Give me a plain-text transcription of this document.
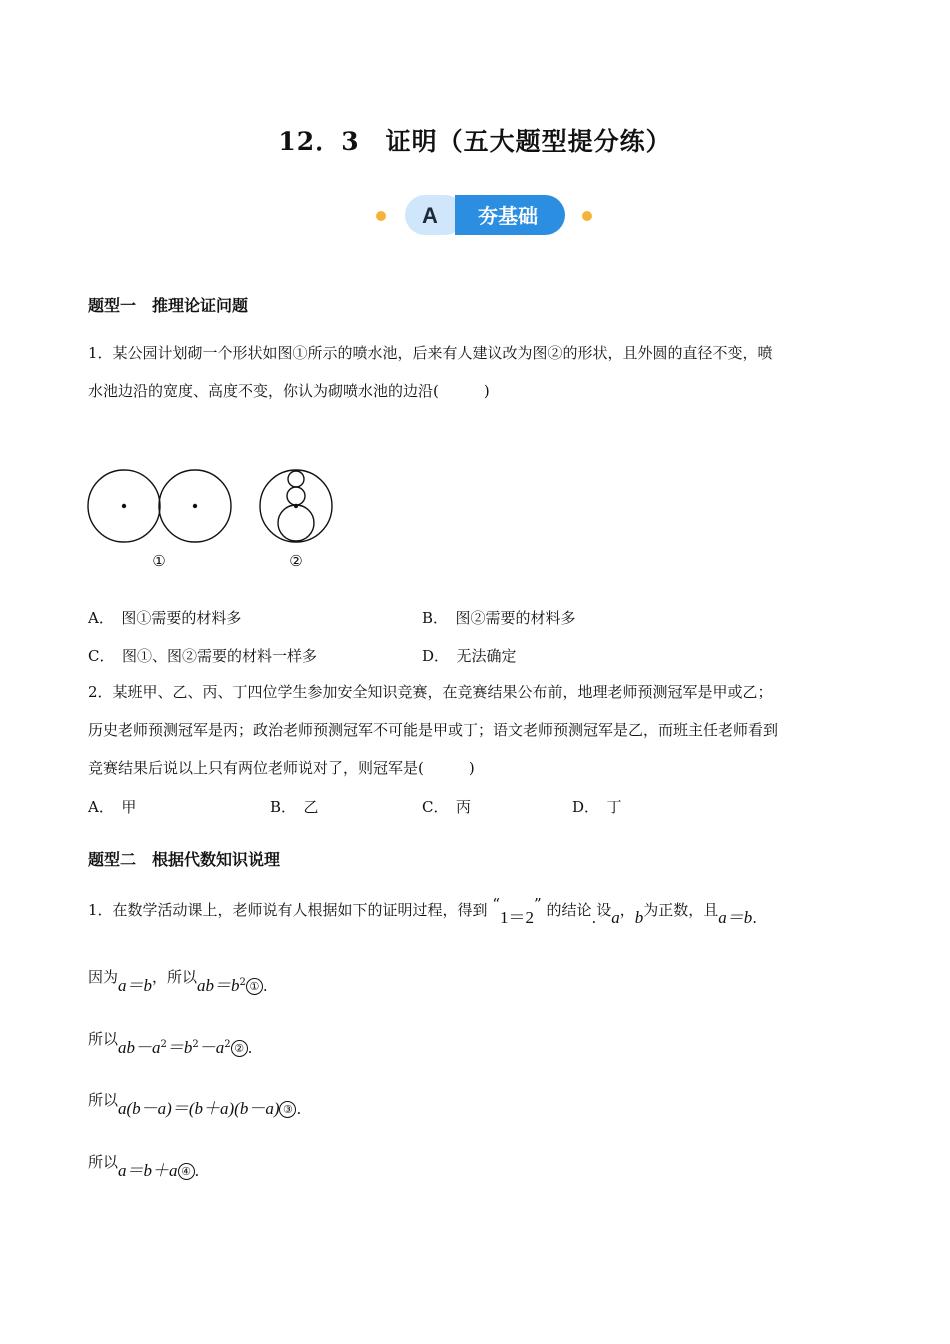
12．3　证明（五大题型提分练）
A 夯基础
题型一　推理论证问题
1．某公园计划砌一个形状如图①所示的喷水池，后来有人建议改为图②的形状，且外圆的直径不变，喷
水池边沿的宽度、高度不变，你认为砌喷水池的边沿(　　　)
①	②
A．　图①需要的材料多	B．　图②需要的材料多
C．　图①、图②需要的材料一样多	D．　无法确定
2．某班甲、乙、丙、丁四位学生参加安全知识竞赛，在竞赛结果公布前，地理老师预测冠军是甲或乙；
历史老师预测冠军是丙；政治老师预测冠军不可能是甲或丁；语文老师预测冠军是乙，而班主任老师看到
竞赛结果后说以上只有两位老师说对了，则冠军是(　　　)
A．　甲	B．　乙	C．　丙	D．　丁
题型二　根据代数知识说理
1．在数学活动课上，老师说有人根据如下的证明过程，得到 “1＝2” 的结论.设a，b为正数，且a＝b.
因为a＝b，所以$ab=b^2$ ① .
所以$ab-a^2=b^2-a^2$ ② .
所以a(b－a)＝(b＋a)(b－a) ③ .
所以a＝b＋a ④ .
